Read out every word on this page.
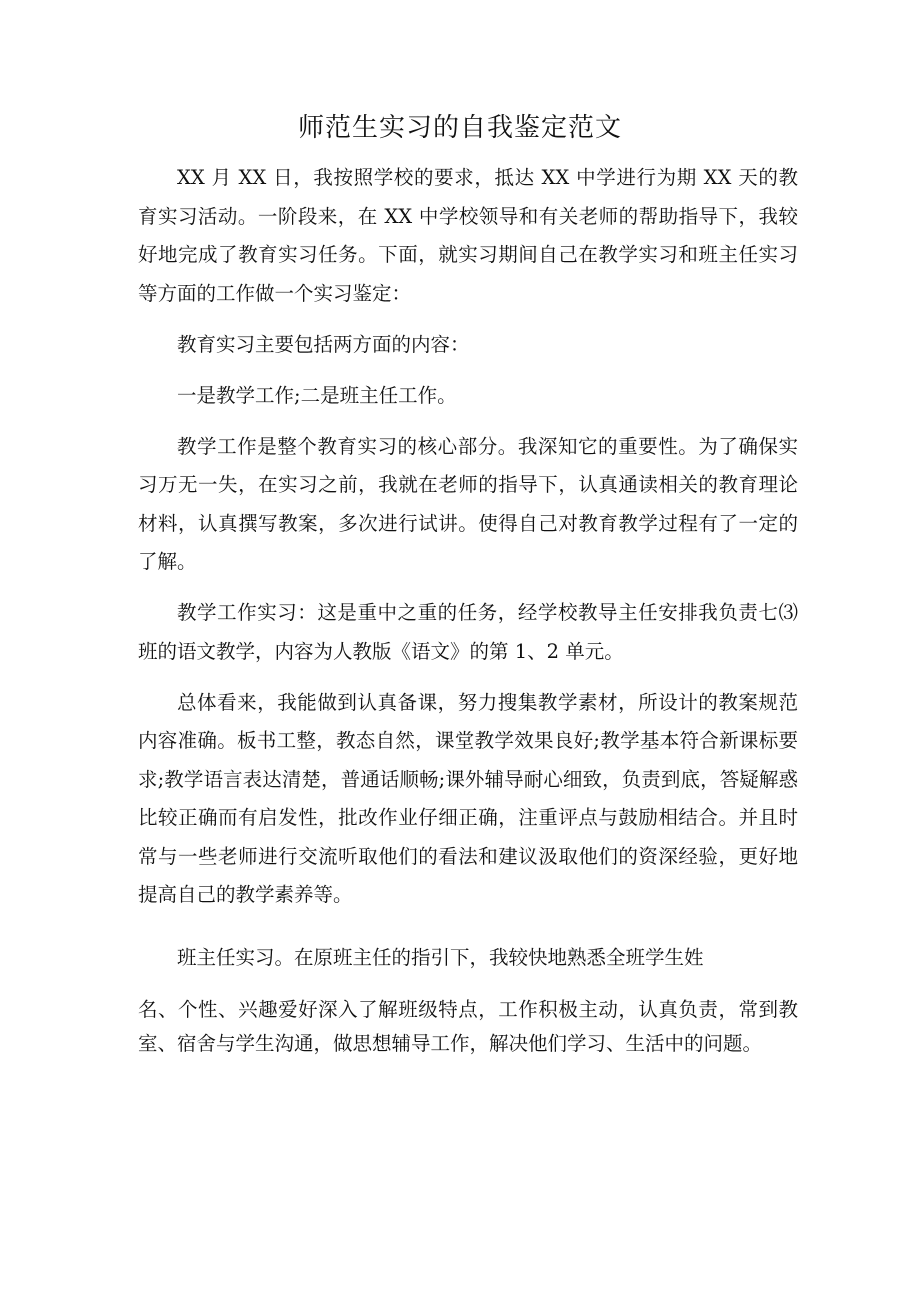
师范生实习的自我鉴定范文

XX 月 XX 日，我按照学校的要求，抵达 XX 中学进行为期 XX 天的教育实习活动。一阶段来，在 XX 中学校领导和有关老师的帮助指导下，我较好地完成了教育实习任务。下面，就实习期间自己在教学实习和班主任实习等方面的工作做一个实习鉴定：

教育实习主要包括两方面的内容：

一是教学工作;二是班主任工作。

教学工作是整个教育实习的核心部分。我深知它的重要性。为了确保实习万无一失，在实习之前，我就在老师的指导下，认真通读相关的教育理论材料，认真撰写教案，多次进行试讲。使得自己对教育教学过程有了一定的了解。

教学工作实习：这是重中之重的任务，经学校教导主任安排我负责七⑶班的语文教学，内容为人教版《语文》的第 1、2 单元。

总体看来，我能做到认真备课，努力搜集教学素材，所设计的教案规范内容准确。板书工整，教态自然，课堂教学效果良好;教学基本符合新课标要求;教学语言表达清楚，普通话顺畅;课外辅导耐心细致，负责到底，答疑解惑比较正确而有启发性，批改作业仔细正确，注重评点与鼓励相结合。并且时常与一些老师进行交流听取他们的看法和建议汲取他们的资深经验，更好地提高自己的教学素养等。

班主任实习。在原班主任的指引下，我较快地熟悉全班学生姓

名、个性、兴趣爱好深入了解班级特点，工作积极主动，认真负责，常到教室、宿舍与学生沟通，做思想辅导工作，解决他们学习、生活中的问题。
